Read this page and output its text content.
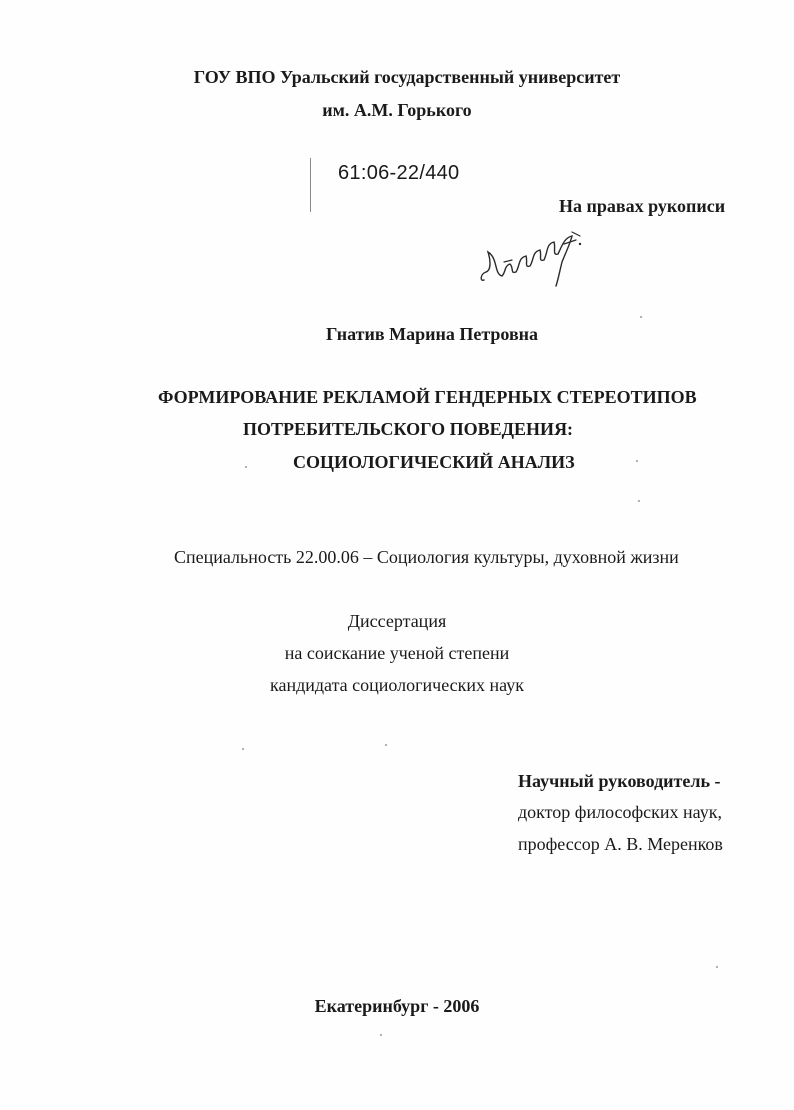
ГОУ ВПО Уральский государственный университет
им. А.М. Горького
61:06-22/440
На правах рукописи
Гнатив Марина Петровна
ФОРМИРОВАНИЕ РЕКЛАМОЙ ГЕНДЕРНЫХ СТЕРЕОТИПОВ
ПОТРЕБИТЕЛЬСКОГО ПОВЕДЕНИЯ:
СОЦИОЛОГИЧЕСКИЙ АНАЛИЗ
Специальность 22.00.06 – Социология культуры, духовной жизни
Диссертация
на соискание ученой степени
кандидата социологических наук
Научный руководитель -
доктор философских наук,
профессор А. В. Меренков
Екатеринбург - 2006
